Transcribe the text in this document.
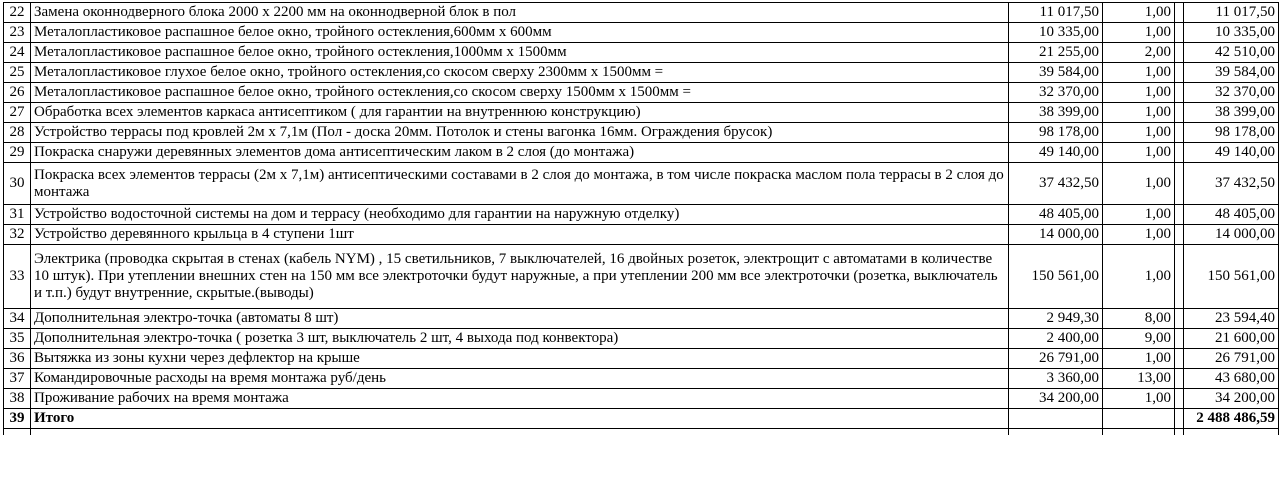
22	Замена оконнодверного блока 2000 х 2200 мм на оконнодверной блок в пол	11 017,50	1,00		11 017,50
23	Металопластиковое распашное белое окно, тройного остекления,600мм х 600мм	10 335,00	1,00		10 335,00
24	Металопластиковое распашное белое окно, тройного остекления,1000мм х 1500мм	21 255,00	2,00		42 510,00
25	Металопластиковое глухое белое окно, тройного остекления,со скосом сверху 2300мм х 1500мм =	39 584,00	1,00		39 584,00
26	Металопластиковое распашное белое окно, тройного остекления,со скосом сверху 1500мм х 1500мм =	32 370,00	1,00		32 370,00
27	Обработка всех элементов каркаса антисептиком ( для гарантии на внутреннюю конструкцию)	38 399,00	1,00		38 399,00
28	Устройство террасы под кровлей 2м х 7,1м (Пол - доска 20мм. Потолок и стены вагонка 16мм. Ограждения брусок)	98 178,00	1,00		98 178,00
29	Покраска снаружи деревянных элементов дома антисептическим лаком в 2 слоя (до монтажа)	49 140,00	1,00		49 140,00
30	Покраска всех элементов террасы (2м х 7,1м) антисептическими составами в 2 слоя до монтажа, в том числе покраска маслом пола террасы в 2 слоя до монтажа	37 432,50	1,00		37 432,50
31	Устройство водосточной системы на дом и террасу (необходимо для гарантии на наружную отделку)	48 405,00	1,00		48 405,00
32	Устройство деревянного крыльца в 4 ступени 1шт	14 000,00	1,00		14 000,00
33	Электрика (проводка скрытая в стенах (кабель NYM) , 15 светильников, 7 выключателей, 16 двойных розеток, электрощит с автоматами в количестве 10 штук). При утеплении внешних стен на 150 мм все электроточки будут наружные, а при утеплении 200 мм все электроточки (розетка, выключатель и т.п.) будут внутренние, скрытые.(выводы)	150 561,00	1,00		150 561,00
34	Дополнительная электро-точка (автоматы 8 шт)	2 949,30	8,00		23 594,40
35	Дополнительная электро-точка ( розетка 3 шт, выключатель 2 шт, 4 выхода под конвектора)	2 400,00	9,00		21 600,00
36	Вытяжка из зоны кухни через дефлектор на крыше	26 791,00	1,00		26 791,00
37	Командировочные расходы на время монтажа руб/день	3 360,00	13,00		43 680,00
38	Проживание рабочих на время монтажа	34 200,00	1,00		34 200,00
39	Итого				2 488 486,59
